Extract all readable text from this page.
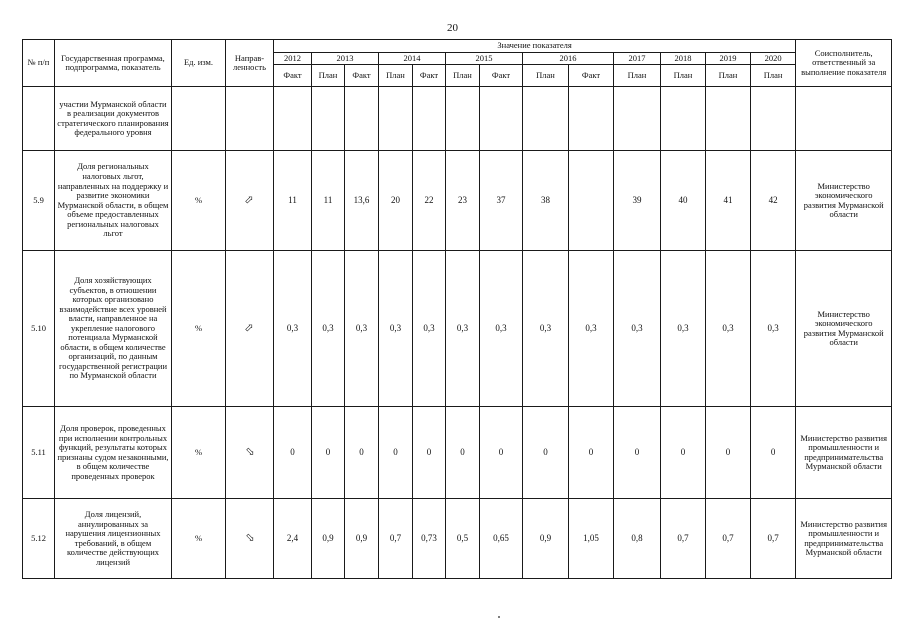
20
№ п/п	Государственная программа, подпрограмма, показатель	Ед. изм.	Направ-ленность	Значение показателя													Соисполнитель, ответственный за выполнение показателя
				2012	2013		2014		2015		2016		2017	2018	2019	2020	
				Факт	План	Факт	План	Факт	План	Факт	План	Факт	План	План	План	План	
	участии Мурманской области в реализации документов стратегического планирования федерального уровня																
5.9	Доля региональных налоговых льгот, направленных на поддержку и развитие экономики Мурманской области, в общем объеме предоставленных региональных налоговых льгот	%	⇨	11	11	13,6	20	22	23	37	38		39	40	41	42	Министерство экономического развития Мурманской области
5.10	Доля хозяйствующих субъектов, в отношении которых организовано взаимодействие всех уровней власти, направленное на укрепление налогового потенциала Мурманской области, в общем количестве организаций, по данным государственной регистрации по Мурманской области	%	⇨	0,3	0,3	0,3	0,3	0,3	0,3	0,3	0,3	0,3	0,3	0,3	0,3	0,3	Министерство экономического развития Мурманской области
5.11	Доля проверок, проведенных при исполнении контрольных функций, результаты которых признаны судом незаконными, в общем количестве проведенных проверок	%	⇨	0	0	0	0	0	0	0	0	0	0	0	0	0	Министерство развития промышленности и предпринимательства Мурманской области
5.12	Доля лицензий, аннулированных за нарушения лицензионных требований, в общем количестве действующих лицензий	%	⇨	2,4	0,9	0,9	0,7	0,73	0,5	0,65	0,9	1,05	0,8	0,7	0,7	0,7	Министерство развития промышленности и предпринимательства Мурманской области
